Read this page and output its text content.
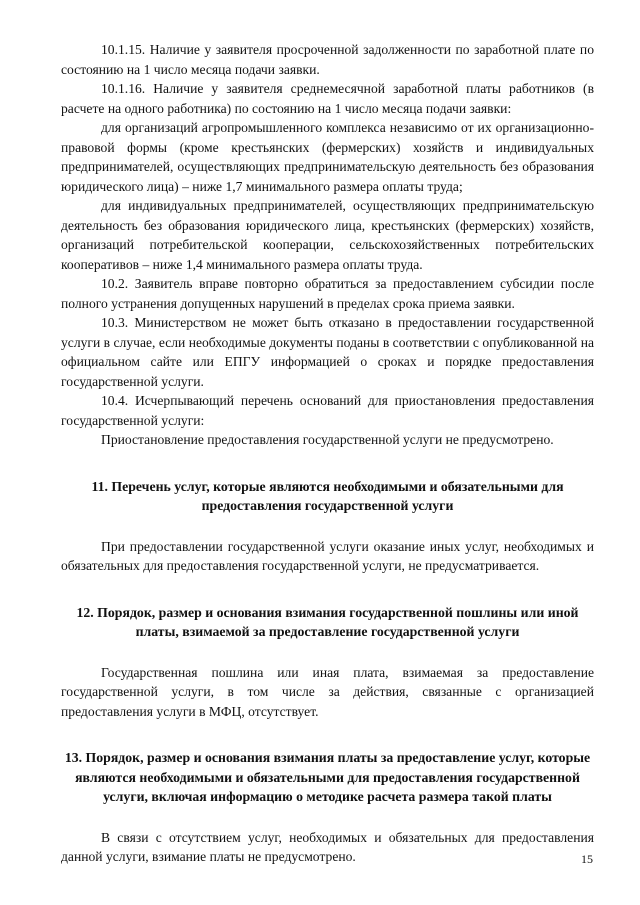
10.1.15. Наличие у заявителя просроченной задолженности по заработной плате по состоянию на 1 число месяца подачи заявки.

10.1.16. Наличие у заявителя среднемесячной заработной платы работников (в расчете на одного работника) по состоянию на 1 число месяца подачи заявки:

для организаций агропромышленного комплекса независимо от их организационно-правовой формы (кроме крестьянских (фермерских) хозяйств и индивидуальных предпринимателей, осуществляющих предпринимательскую деятельность без образования юридического лица) – ниже 1,7 минимального размера оплаты труда;

для индивидуальных предпринимателей, осуществляющих предпринимательскую деятельность без образования юридического лица, крестьянских (фермерских) хозяйств, организаций потребительской кооперации, сельскохозяйственных потребительских кооперативов – ниже 1,4 минимального размера оплаты труда.

10.2. Заявитель вправе повторно обратиться за предоставлением субсидии после полного устранения допущенных нарушений в пределах срока приема заявки.

10.3. Министерством не может быть отказано в предоставлении государственной услуги в случае, если необходимые документы поданы в соответствии с опубликованной на официальном сайте или ЕПГУ информацией о сроках и порядке предоставления государственной услуги.

10.4. Исчерпывающий перечень оснований для приостановления предоставления государственной услуги:

Приостановление предоставления государственной услуги не предусмотрено.

11. Перечень услуг, которые являются необходимыми и обязательными для предоставления государственной услуги

При предоставлении государственной услуги оказание иных услуг, необходимых и обязательных для предоставления государственной услуги, не предусматривается.

12. Порядок, размер и основания взимания государственной пошлины или иной платы, взимаемой за предоставление государственной услуги

Государственная пошлина или иная плата, взимаемая за предоставление государственной услуги, в том числе за действия, связанные с организацией предоставления услуги в МФЦ, отсутствует.

13. Порядок, размер и основания взимания платы за предоставление услуг, которые являются необходимыми и обязательными для предоставления государственной услуги, включая информацию о методике расчета размера такой платы

В связи с отсутствием услуг, необходимых и обязательных для предоставления данной услуги, взимание платы не предусмотрено.	15
